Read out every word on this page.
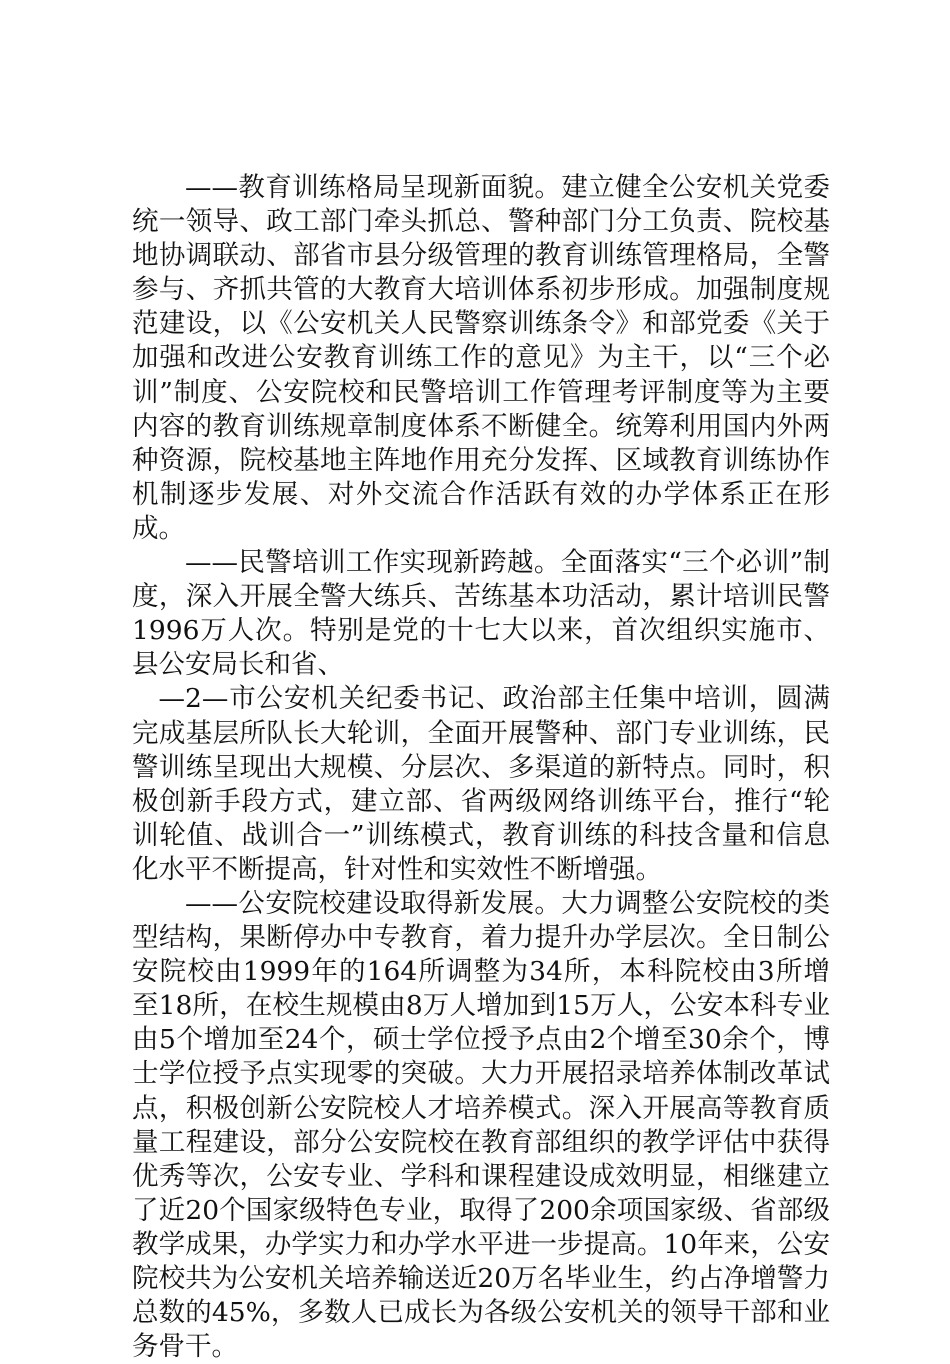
——教育训练格局呈现新面貌。建立健全公安机关党委统一领导、政工部门牵头抓总、警种部门分工负责、院校基地协调联动、部省市县分级管理的教育训练管理格局，全警参与、齐抓共管的大教育大培训体系初步形成。加强制度规范建设，以《公安机关人民警察训练条令》和部党委《关于加强和改进公安教育训练工作的意见》为主干，以“三个必训”制度、公安院校和民警培训工作管理考评制度等为主要内容的教育训练规章制度体系不断健全。统筹利用国内外两种资源，院校基地主阵地作用充分发挥、区域教育训练协作机制逐步发展、对外交流合作活跃有效的办学体系正在形成。

——民警培训工作实现新跨越。全面落实“三个必训”制度，深入开展全警大练兵、苦练基本功活动，累计培训民警1996万人次。特别是党的十七大以来，首次组织实施市、县公安局长和省、

—2—市公安机关纪委书记、政治部主任集中培训，圆满完成基层所队长大轮训，全面开展警种、部门专业训练，民警训练呈现出大规模、分层次、多渠道的新特点。同时，积极创新手段方式，建立部、省两级网络训练平台，推行“轮训轮值、战训合一”训练模式，教育训练的科技含量和信息化水平不断提高，针对性和实效性不断增强。

——公安院校建设取得新发展。大力调整公安院校的类型结构，果断停办中专教育，着力提升办学层次。全日制公安院校由1999年的164所调整为34所，本科院校由3所增至18所，在校生规模由8万人增加到15万人，公安本科专业由5个增加至24个，硕士学位授予点由2个增至30余个，博士学位授予点实现零的突破。大力开展招录培养体制改革试点，积极创新公安院校人才培养模式。深入开展高等教育质量工程建设，部分公安院校在教育部组织的教学评估中获得优秀等次，公安专业、学科和课程建设成效明显，相继建立了近20个国家级特色专业，取得了200余项国家级、省部级教学成果，办学实力和办学水平进一步提高。10年来，公安院校共为公安机关培养输送近20万名毕业生，约占净增警力总数的45%，多数人已成长为各级公安机关的领导干部和业务骨干。
